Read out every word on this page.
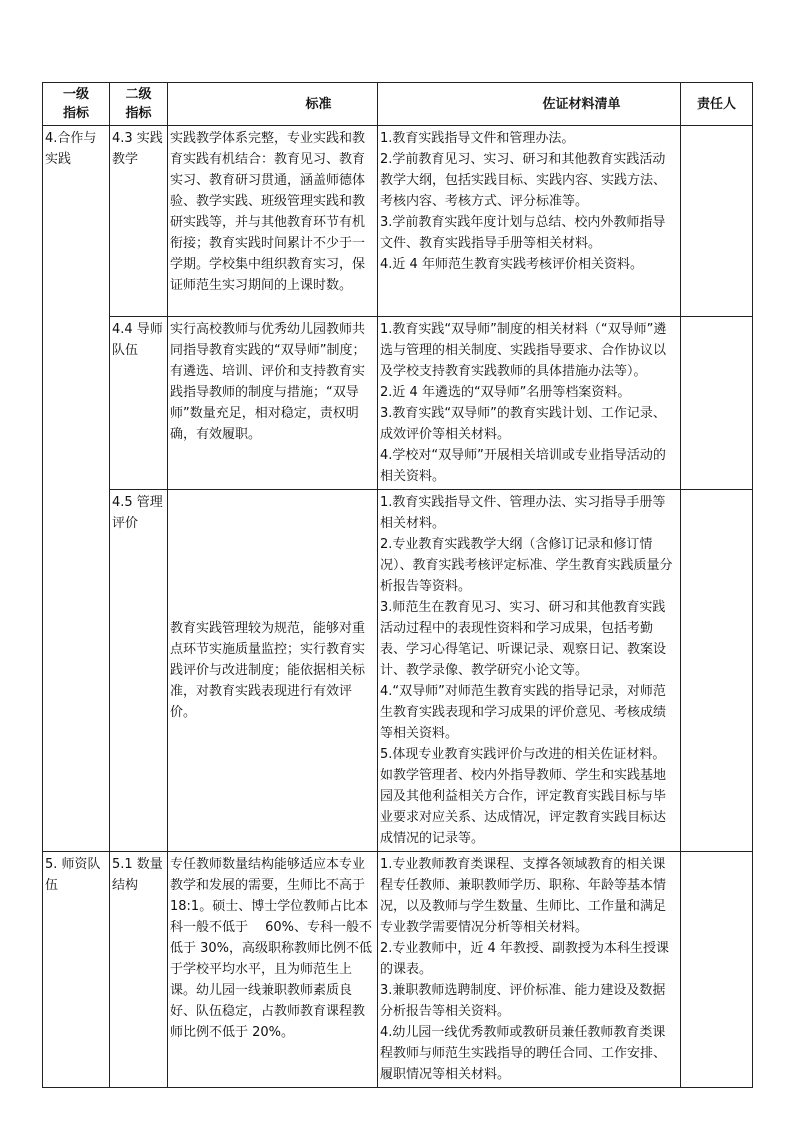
一级
指标	二级
指标	标准	佐证材料清单	责任人

4.合作与
实践	4.3 实践
教学	实践教学体系完整，专业实践和教育实践有机结合：教育见习、教育实习、教育研习贯通，涵盖师德体验、教学实践、班级管理实践和教研实践等，并与其他教育环节有机衔接；教育实践时间累计不少于一学期。学校集中组织教育实习，保证师范生实习期间的上课时数。	1.教育实践指导文件和管理办法。
2.学前教育见习、实习、研习和其他教育实践活动教学大纲，包括实践目标、实践内容、实践方法、考核内容、考核方式、评分标准等。
3.学前教育实践年度计划与总结、校内外教师指导文件、教育实践指导手册等相关材料。
4.近 4 年师范生教育实践考核评价相关资料。	

	4.4 导师
队伍	实行高校教师与优秀幼儿园教师共同指导教育实践的“双导师”制度；有遴选、培训、评价和支持教育实践指导教师的制度与措施；“双导师”数量充足，相对稳定，责权明确，有效履职。	1.教育实践“双导师”制度的相关材料（“双导师”遴选与管理的相关制度、实践指导要求、合作协议以及学校支持教育实践教师的具体措施办法等）。
2.近 4 年遴选的“双导师”名册等档案资料。
3.教育实践“双导师”的教育实践计划、工作记录、成效评价等相关材料。
4.学校对“双导师”开展相关培训或专业指导活动的相关资料。	

	4.5 管理
评价	教育实践管理较为规范，能够对重点环节实施质量监控；实行教育实践评价与改进制度；能依据相关标准，对教育实践表现进行有效评价。	1.教育实践指导文件、管理办法、实习指导手册等相关材料。
2.专业教育实践教学大纲（含修订记录和修订情况）、教育实践考核评定标准、学生教育实践质量分析报告等资料。
3.师范生在教育见习、实习、研习和其他教育实践活动过程中的表现性资料和学习成果，包括考勤表、学习心得笔记、听课记录、观察日记、教案设计、教学录像、教学研究小论文等。
4.“双导师”对师范生教育实践的指导记录，对师范生教育实践表现和学习成果的评价意见、考核成绩等相关资料。
5.体现专业教育实践评价与改进的相关佐证材料。如教学管理者、校内外指导教师、学生和实践基地园及其他利益相关方合作，评定教育实践目标与毕业要求对应关系、达成情况，评定教育实践目标达成情况的记录等。	

5. 师资队
伍	5.1 数量
结构	专任教师数量结构能够适应本专业教学和发展的需要，生师比不高于 18:1。硕士、博士学位教师占比本科一般不低于　 60%、专科一般不低于 30%，高级职称教师比例不低于学校平均水平，且为师范生上课。幼儿园一线兼职教师素质良好、队伍稳定，占教师教育课程教师比例不低于 20%。	1.专业教师教育类课程、支撑各领域教育的相关课程专任教师、兼职教师学历、职称、年龄等基本情况，以及教师与学生数量、生师比、工作量和满足专业教学需要情况分析等相关材料。
2.专业教师中，近 4 年教授、副教授为本科生授课的课表。
3.兼职教师选聘制度、评价标准、能力建设及数据分析报告等相关资料。
4.幼儿园一线优秀教师或教研员兼任教师教育类课程教师与师范生实践指导的聘任合同、工作安排、履职情况等相关材料。	
